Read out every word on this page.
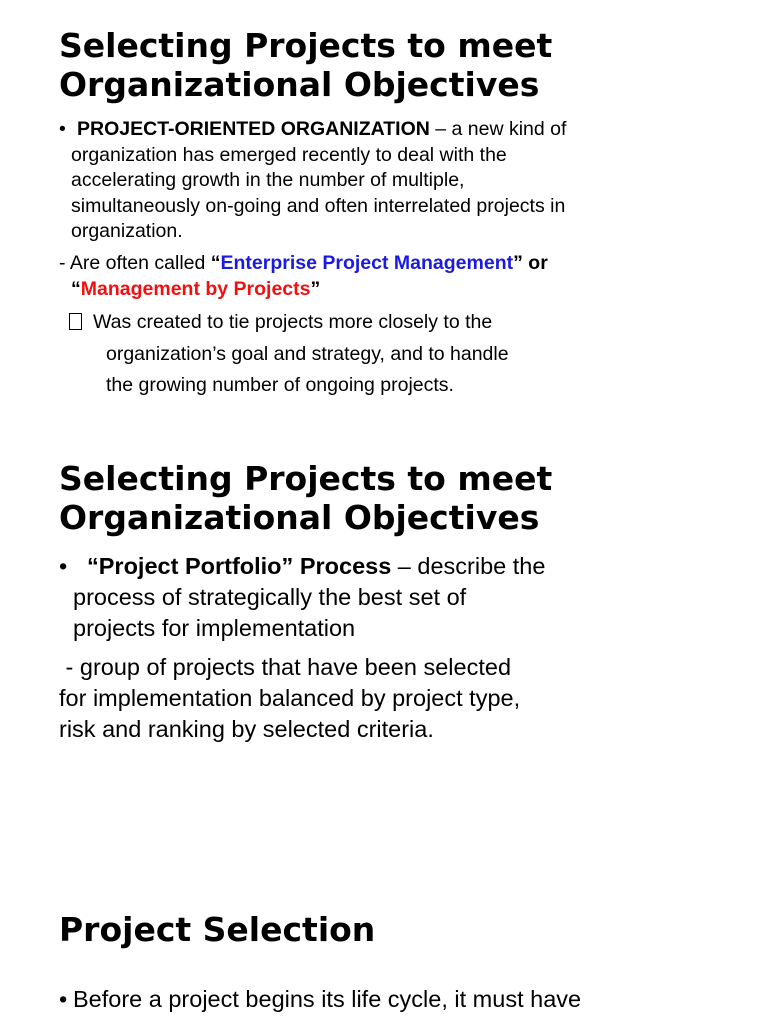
Selecting Projects to meet Organizational Objectives
• PROJECT-ORIENTED ORGANIZATION – a new kind of
organization has emerged recently to deal with the
accelerating growth in the number of multiple,
simultaneously on-going and often interrelated projects in
organization.
- Are often called “Enterprise Project Management” or
“Management by Projects”
Was created to tie projects more closely to the
organization’s goal and strategy, and to handle
the growing number of ongoing projects.
Selecting Projects to meet Organizational Objectives
• “Project Portfolio” Process – describe the
process of strategically the best set of
projects for implementation
- group of projects that have been selected
for implementation balanced by project type,
risk and ranking by selected criteria.
Project Selection
• Before a project begins its life cycle, it must have
